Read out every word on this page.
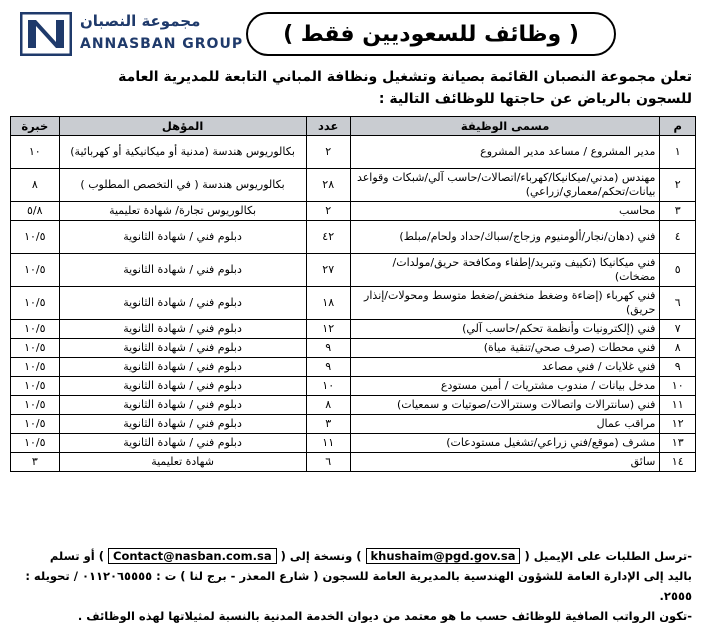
مجموعة النصبان
ANNASBAN GROUP	( وظائف للسعوديين فقط )
تعلن مجموعة النصبان القائمة بصيانة وتشغيل ونظافة المباني التابعة للمديرية العامة
للسجون بالرياض عن حاجتها للوظائف التالية :
م	مسمى الوظيفة	عدد	المؤهل	خبرة
١	مدير المشروع / مساعد مدير المشروع	٢	بكالوريوس هندسة (مدنية أو ميكانيكية أو كهربائية)	١٠
٢	مهندس (مدني/ميكانيكا/كهرباء/اتصالات/حاسب آلي/شبكات وقواعد بيانات/تحكم/معماري/زراعي)	٢٨	بكالوريوس هندسة ( في التخصص المطلوب )	٨
٣	محاسب	٢	بكالوريوس تجارة/ شهادة تعليمية	٥/٨
٤	فني (دهان/نجار/ألومنيوم وزجاج/سباك/حداد ولحام/مبلط)	٤٢	دبلوم فني / شهادة الثانوية	١٠/٥
٥	فني ميكانيكا (تكييف وتبريد/إطفاء ومكافحة حريق/مولدات/مضخات)	٢٧	دبلوم فني / شهادة الثانوية	١٠/٥
٦	فني كهرباء (إضاءة وضغط منخفض/ضغط متوسط ومحولات/إنذار حريق)	١٨	دبلوم فني / شهادة الثانوية	١٠/٥
٧	فني (إلكترونيات وأنظمة تحكم/حاسب آلي)	١٢	دبلوم فني / شهادة الثانوية	١٠/٥
٨	فني محطات (صرف صحي/تنقية مياة)	٩	دبلوم فني / شهادة الثانوية	١٠/٥
٩	فني غلايات / فني مصاعد	٩	دبلوم فني / شهادة الثانوية	١٠/٥
١٠	مدخل بيانات / مندوب مشتريات / أمين مستودع	١٠	دبلوم فني / شهادة الثانوية	١٠/٥
١١	فني (سانترالات واتصالات وسنترالات/صوتيات و سمعيات)	٨	دبلوم فني / شهادة الثانوية	١٠/٥
١٢	مراقب عمال	٣	دبلوم فني / شهادة الثانوية	١٠/٥
١٣	مشرف (موقع/فني زراعي/تشغيل مستودعات)	١١	دبلوم فني / شهادة الثانوية	١٠/٥
١٤	سائق	٦	شهادة تعليمية	٣
-ترسل الطلبات على الإيميل ( khushaim@pgd.gov.sa ) ونسخة إلى ( Contact@nasban.com.sa ) أو تسلم
باليد إلى الإدارة العامة للشؤون الهندسية بالمديرية العامة للسجون ( شارع المعذر - برج لنا ) ت : ٠١١٢٠٦٥٥٥٥ / تحويله : ٢٥٥٥.
-تكون الرواتب الصافية للوظائف حسب ما هو معتمد من ديوان الخدمة المدنية بالنسبة لمثيلاتها لهذه الوظائف .
